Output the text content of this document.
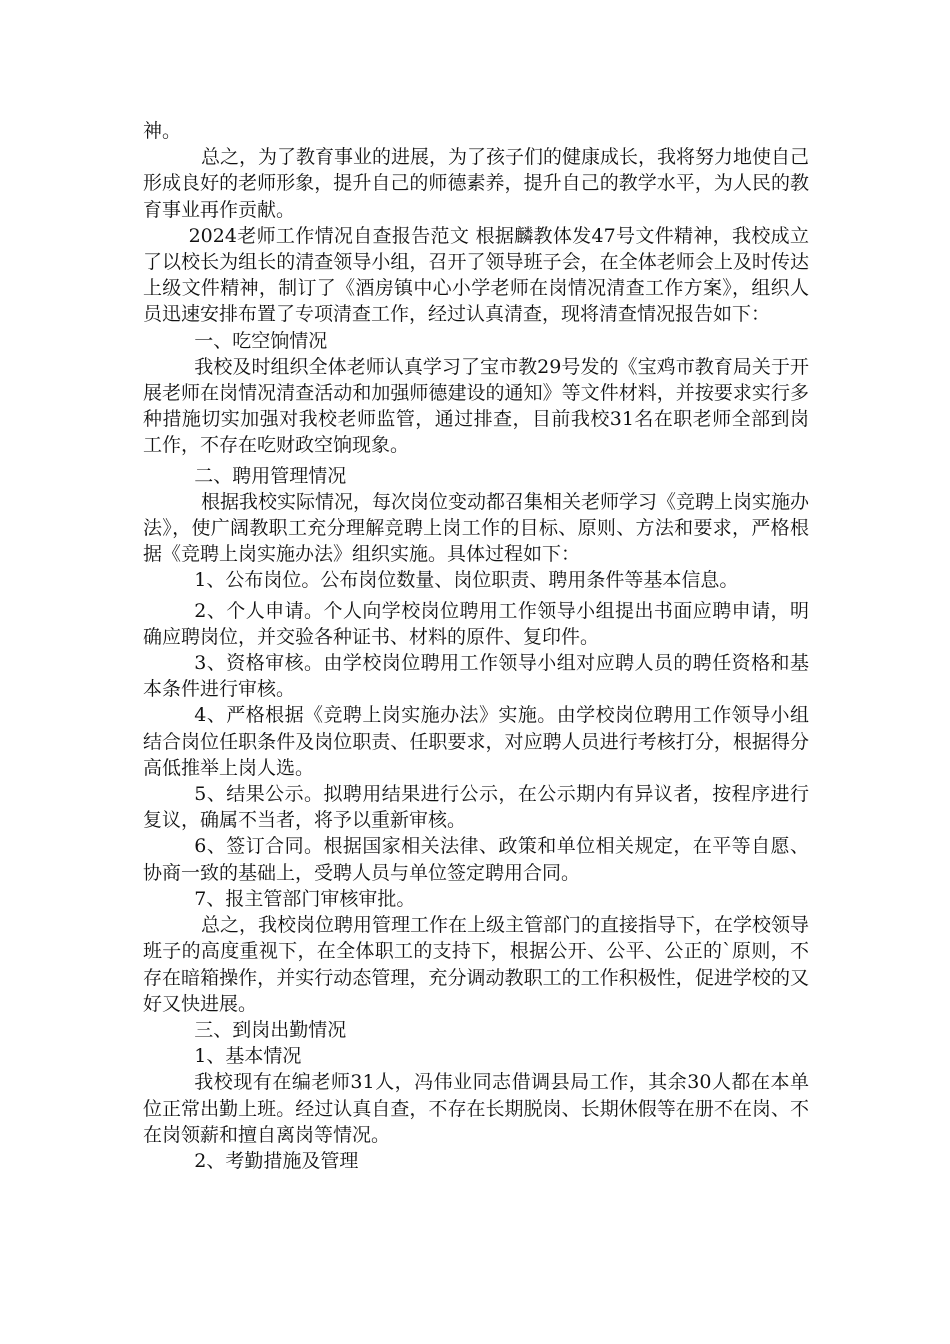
神。

总之，为了教育事业的进展，为了孩子们的健康成长，我将努力地使自己形成良好的老师形象，提升自己的师德素养，提升自己的教学水平，为人民的教育事业再作贡献。

2024老师工作情况自查报告范文 根据麟教体发47号文件精神，我校成立了以校长为组长的清查领导小组，召开了领导班子会，在全体老师会上及时传达上级文件精神，制订了《酒房镇中心小学老师在岗情况清查工作方案》，组织人员迅速安排布置了专项清查工作，经过认真清查，现将清查情况报告如下：

一、吃空饷情况

我校及时组织全体老师认真学习了宝市教29号发的《宝鸡市教育局关于开展老师在岗情况清查活动和加强师德建设的通知》等文件材料，并按要求实行多种措施切实加强对我校老师监管，通过排查，目前我校31名在职老师全部到岗工作，不存在吃财政空饷现象。

二、聘用管理情况

根据我校实际情况，每次岗位变动都召集相关老师学习《竞聘上岗实施办法》，使广阔教职工充分理解竞聘上岗工作的目标、原则、方法和要求，严格根据《竞聘上岗实施办法》组织实施。具体过程如下：

1、公布岗位。公布岗位数量、岗位职责、聘用条件等基本信息。

2、个人申请。个人向学校岗位聘用工作领导小组提出书面应聘申请，明确应聘岗位，并交验各种证书、材料的原件、复印件。

3、资格审核。由学校岗位聘用工作领导小组对应聘人员的聘任资格和基本条件进行审核。

4、严格根据《竞聘上岗实施办法》实施。由学校岗位聘用工作领导小组结合岗位任职条件及岗位职责、任职要求，对应聘人员进行考核打分，根据得分高低推举上岗人选。

5、结果公示。拟聘用结果进行公示，在公示期内有异议者，按程序进行复议，确属不当者，将予以重新审核。

6、签订合同。根据国家相关法律、政策和单位相关规定，在平等自愿、协商一致的基础上，受聘人员与单位签定聘用合同。

7、报主管部门审核审批。

总之，我校岗位聘用管理工作在上级主管部门的直接指导下，在学校领导班子的高度重视下，在全体职工的支持下，根据公开、公平、公正的`原则，不存在暗箱操作，并实行动态管理，充分调动教职工的工作积极性，促进学校的又好又快进展。

三、到岗出勤情况

1、基本情况

我校现有在编老师31人，冯伟业同志借调县局工作，其余30人都在本单位正常出勤上班。经过认真自查，不存在长期脱岗、长期休假等在册不在岗、不在岗领薪和擅自离岗等情况。

2、考勤措施及管理
